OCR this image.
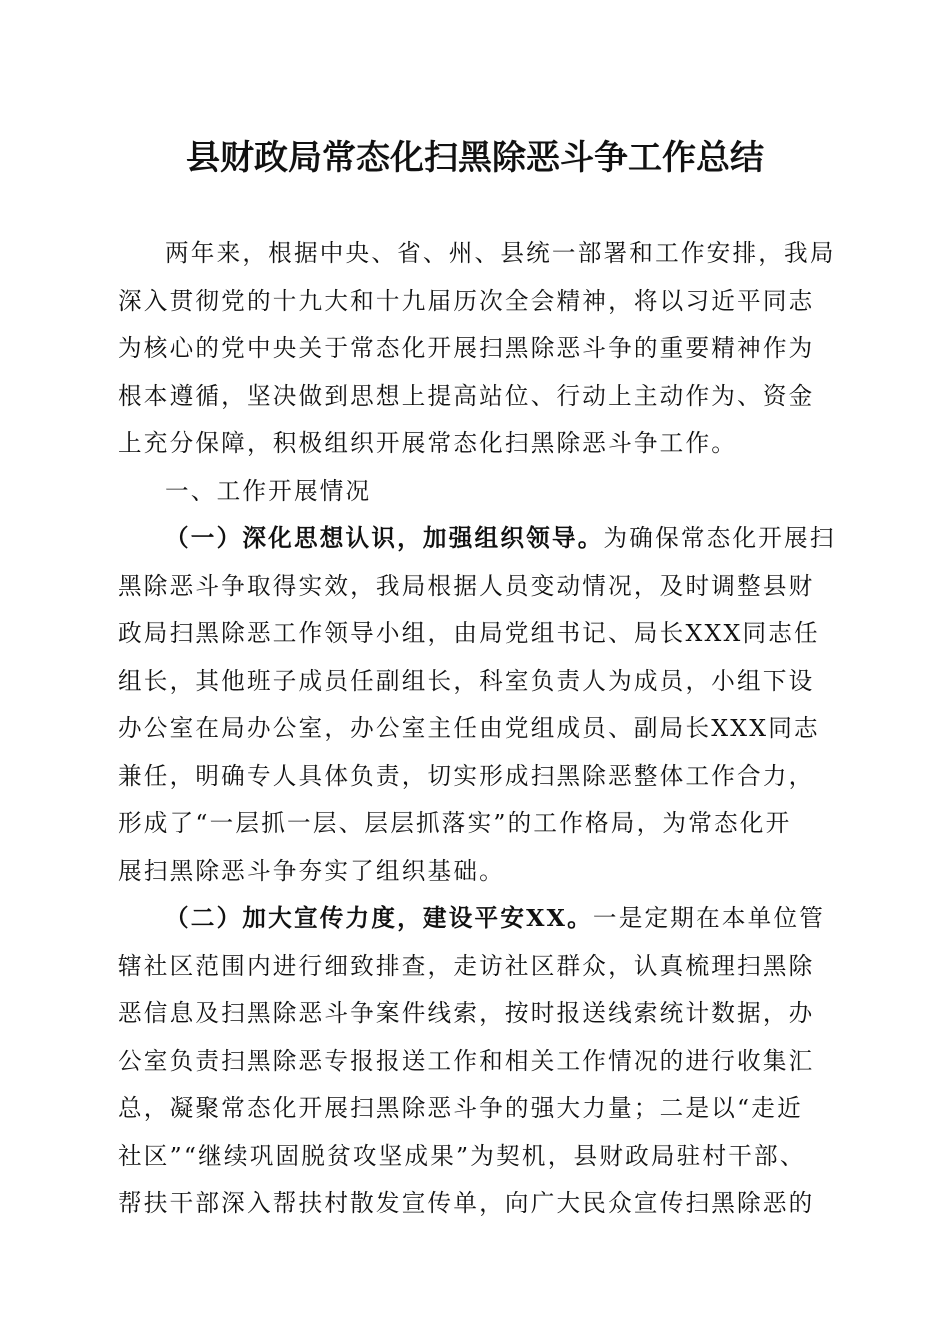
县财政局常态化扫黑除恶斗争工作总结
两年来，根据中央、省、州、县统一部署和工作安排，我局
深入贯彻党的十九大和十九届历次全会精神，将以习近平同志
为核心的党中央关于常态化开展扫黑除恶斗争的重要精神作为
根本遵循，坚决做到思想上提高站位、行动上主动作为、资金
上充分保障，积极组织开展常态化扫黑除恶斗争工作。
一、工作开展情况
（一）深化思想认识，加强组织领导。为确保常态化开展扫
黑除恶斗争取得实效，我局根据人员变动情况，及时调整县财
政局扫黑除恶工作领导小组，由局党组书记、局长XXX同志任
组长，其他班子成员任副组长，科室负责人为成员，小组下设
办公室在局办公室，办公室主任由党组成员、副局长XXX同志
兼任，明确专人具体负责，切实形成扫黑除恶整体工作合力，
形成了“一层抓一层、层层抓落实”的工作格局，为常态化开
展扫黑除恶斗争夯实了组织基础。
（二）加大宣传力度，建设平安XX。一是定期在本单位管
辖社区范围内进行细致排查，走访社区群众，认真梳理扫黑除
恶信息及扫黑除恶斗争案件线索，按时报送线索统计数据，办
公室负责扫黑除恶专报报送工作和相关工作情况的进行收集汇
总，凝聚常态化开展扫黑除恶斗争的强大力量；二是以“走近
社区”“继续巩固脱贫攻坚成果”为契机，县财政局驻村干部、
帮扶干部深入帮扶村散发宣传单，向广大民众宣传扫黑除恶的
